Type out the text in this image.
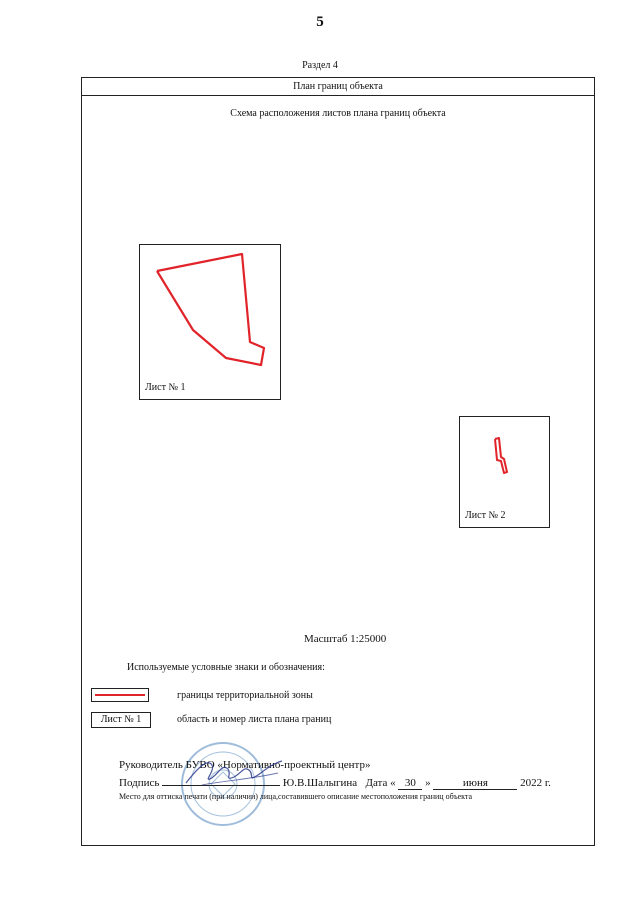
5
Раздел 4
План границ объекта
Схема расположения листов плана границ объекта
Лист № 1
Лист № 2
Масштаб 1:25000
Используемые условные знаки и обозначения:
границы территориальной зоны
Лист № 1	область и номер листа плана границ
Руководитель БУВО «Нормативно-проектный центр»
Подпись	Ю.В.Шалыгина Дата « 30 »	июня	2022 г.
Место для оттиска печати (при наличии) лица,составившего описание местоположения границ объекта
